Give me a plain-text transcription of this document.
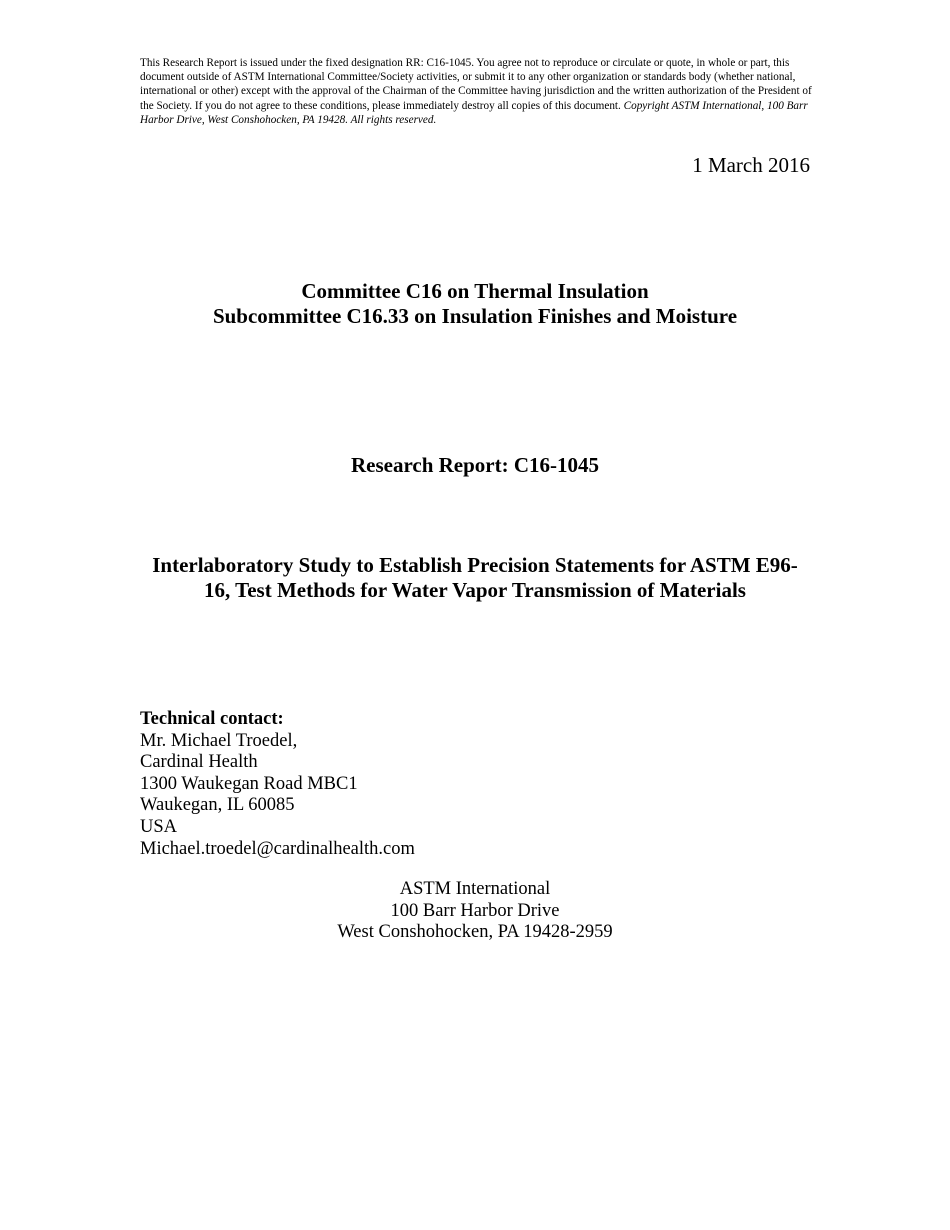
This Research Report is issued under the fixed designation RR: C16-1045. You agree not to reproduce or circulate or quote, in whole or part, this document outside of ASTM International Committee/Society activities, or submit it to any other organization or standards body (whether national, international or other) except with the approval of the Chairman of the Committee having jurisdiction and the written authorization of the President of the Society. If you do not agree to these conditions, please immediately destroy all copies of this document. Copyright ASTM International, 100 Barr Harbor Drive, West Conshohocken, PA 19428. All rights reserved.
1 March 2016
Committee C16 on Thermal Insulation
Subcommittee C16.33 on Insulation Finishes and Moisture
Research Report: C16-1045
Interlaboratory Study to Establish Precision Statements for ASTM E96-
16, Test Methods for Water Vapor Transmission of Materials
Technical contact:
Mr. Michael Troedel,
Cardinal Health
1300 Waukegan Road MBC1
Waukegan, IL 60085
USA
Michael.troedel@cardinalhealth.com
ASTM International
100 Barr Harbor Drive
West Conshohocken, PA 19428-2959
